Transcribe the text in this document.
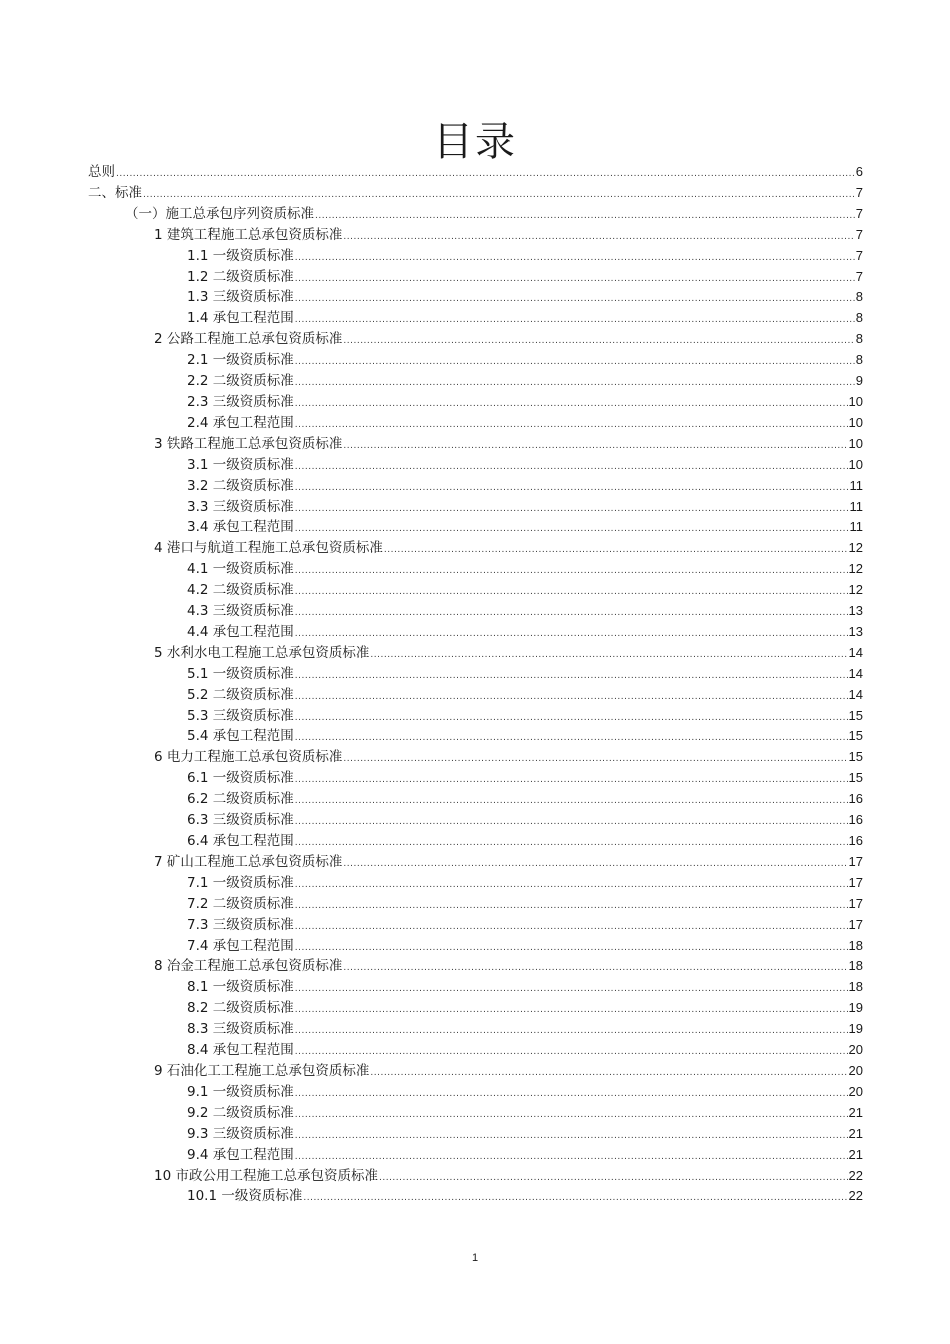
目录
总则 .....	6
二、标准 .....	7
（一）施工总承包序列资质标准 .....	7
1 建筑工程施工总承包资质标准 .....	7
1.1 一级资质标准 .....	7
1.2 二级资质标准 .....	7
1.3 三级资质标准 .....	8
1.4 承包工程范围 .....	8
2 公路工程施工总承包资质标准 .....	8
2.1 一级资质标准 .....	8
2.2 二级资质标准 .....	9
2.3 三级资质标准 .....	10
2.4 承包工程范围 .....	10
3 铁路工程施工总承包资质标准 .....	10
3.1 一级资质标准 .....	10
3.2 二级资质标准 .....	11
3.3 三级资质标准 .....	11
3.4 承包工程范围 .....	11
4 港口与航道工程施工总承包资质标准 .....	12
4.1 一级资质标准 .....	12
4.2 二级资质标准 .....	12
4.3 三级资质标准 .....	13
4.4 承包工程范围 .....	13
5 水利水电工程施工总承包资质标准 .....	14
5.1 一级资质标准 .....	14
5.2 二级资质标准 .....	14
5.3 三级资质标准 .....	15
5.4 承包工程范围 .....	15
6 电力工程施工总承包资质标准 .....	15
6.1 一级资质标准 .....	15
6.2 二级资质标准 .....	16
6.3 三级资质标准 .....	16
6.4 承包工程范围 .....	16
7 矿山工程施工总承包资质标准 .....	17
7.1 一级资质标准 .....	17
7.2 二级资质标准 .....	17
7.3 三级资质标准 .....	17
7.4 承包工程范围 .....	18
8 冶金工程施工总承包资质标准 .....	18
8.1 一级资质标准 .....	18
8.2 二级资质标准 .....	19
8.3 三级资质标准 .....	19
8.4 承包工程范围 .....	20
9 石油化工工程施工总承包资质标准 .....	20
9.1 一级资质标准 .....	20
9.2 二级资质标准 .....	21
9.3 三级资质标准 .....	21
9.4 承包工程范围 .....	21
10 市政公用工程施工总承包资质标准 .....	22
10.1 一级资质标准 .....	22
1
